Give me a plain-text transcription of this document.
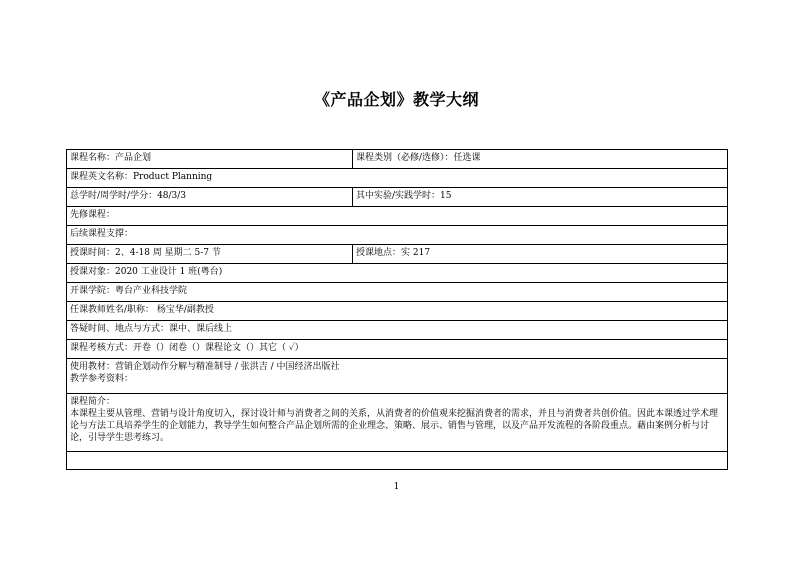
《产品企划》教学大纲
课程名称：产品企划	课程类别（必修/选修）：任选课
课程英文名称：Product Planning	
总学时/周学时/学分：48/3/3	其中实验/实践学时：15
先修课程：	
后续课程支撑：	
授课时间：2、4-18 周 星期二 5-7 节	授课地点：实 217
授课对象：2020 工业设计 1 班(粤台)	
开课学院：粤台产业科技学院	
任课教师姓名/职称： 杨宝华/副教授	
答疑时间、地点与方式：课中、课后线上	
课程考核方式：开卷（）闭卷（）课程论文（）其它（ ✓）	

使用教材：营销企划动作分解与精准制导 / 张洪吉 / 中国经济出版社
教学参考资料：	

课程简介：
本课程主要从管理、营销与设计角度切入，探讨设计师与消费者之间的关系，从消费者的价值观来挖掘消费者的需求，并且与消费者共创价值。因此本课透过学术理论与方法工具培养学生的企划能力，教导学生如何整合产品企划所需的企业理念、策略、展示、销售与管理，以及产品开发流程的各阶段重点。藉由案例分析与讨论，引导学生思考练习。	

1
